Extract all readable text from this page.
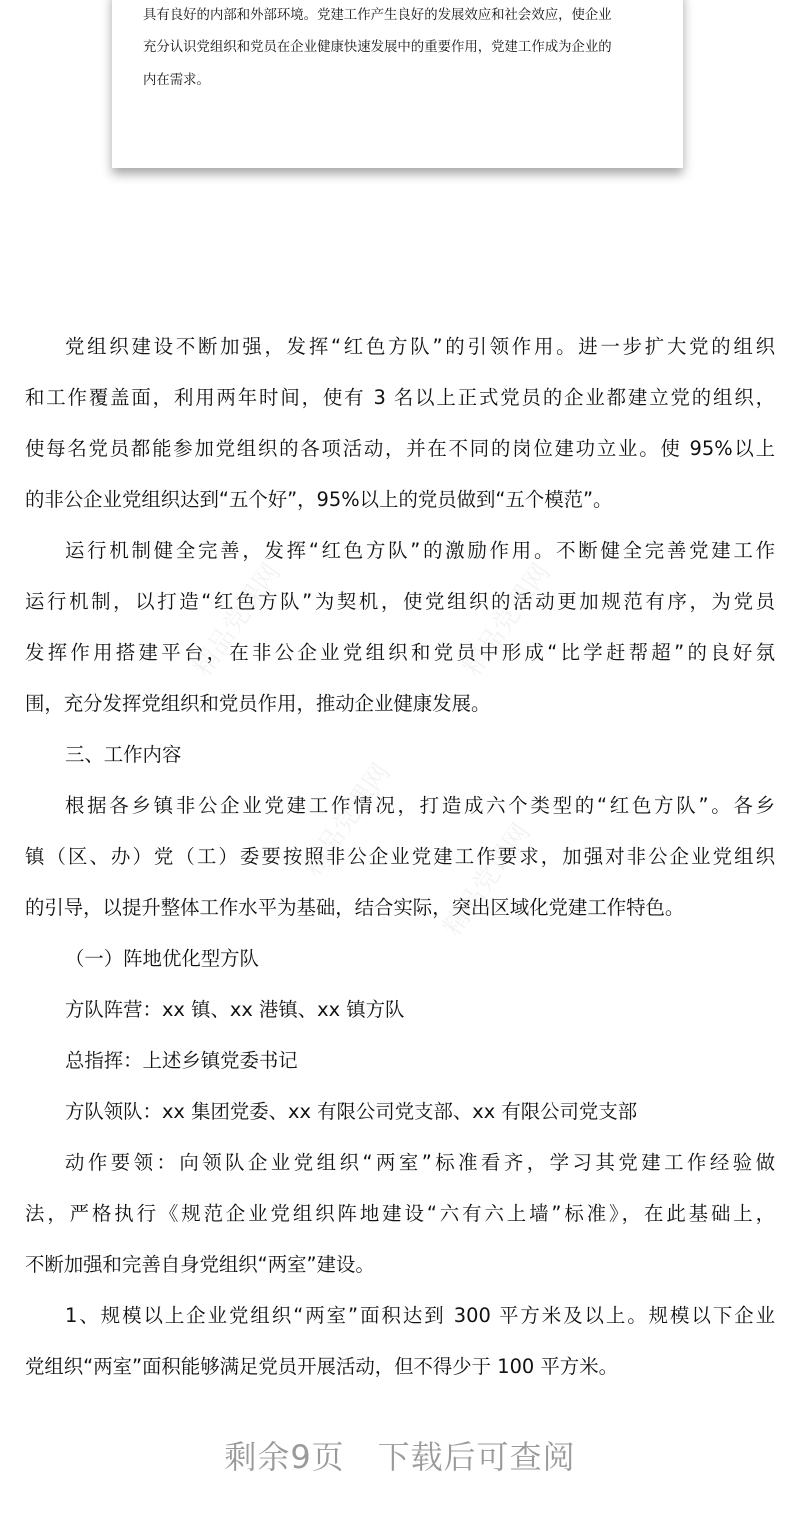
具有良好的内部和外部环境。党建工作产生良好的发展效应和社会效应，使企业
充分认识党组织和党员在企业健康快速发展中的重要作用，党建工作成为企业的
内在需求。
精品党课网
精品党课网
精品党课网
精品党课网
党组织建设不断加强，发挥“红色方队”的引领作用。进一步扩大党的组织
和工作覆盖面，利用两年时间，使有 3 名以上正式党员的企业都建立党的组织，
使每名党员都能参加党组织的各项活动，并在不同的岗位建功立业。使 95%以上
的非公企业党组织达到“五个好”，95%以上的党员做到“五个模范”。
运行机制健全完善，发挥“红色方队”的激励作用。不断健全完善党建工作
运行机制，以打造“红色方队”为契机，使党组织的活动更加规范有序，为党员
发挥作用搭建平台，在非公企业党组织和党员中形成“比学赶帮超”的良好氛
围，充分发挥党组织和党员作用，推动企业健康发展。
三、工作内容
根据各乡镇非公企业党建工作情况，打造成六个类型的“红色方队”。各乡
镇（区、办）党（工）委要按照非公企业党建工作要求，加强对非公企业党组织
的引导，以提升整体工作水平为基础，结合实际，突出区域化党建工作特色。
（一）阵地优化型方队
方队阵营：xx 镇、xx 港镇、xx 镇方队
总指挥：上述乡镇党委书记
方队领队：xx 集团党委、xx 有限公司党支部、xx 有限公司党支部
动作要领：向领队企业党组织“两室”标准看齐，学习其党建工作经验做
法，严格执行《规范企业党组织阵地建设“六有六上墙”标准》，在此基础上，
不断加强和完善自身党组织“两室”建设。
1、规模以上企业党组织“两室”面积达到 300 平方米及以上。规模以下企业
党组织“两室”面积能够满足党员开展活动，但不得少于 100 平方米。
剩余9页　下载后可查阅
